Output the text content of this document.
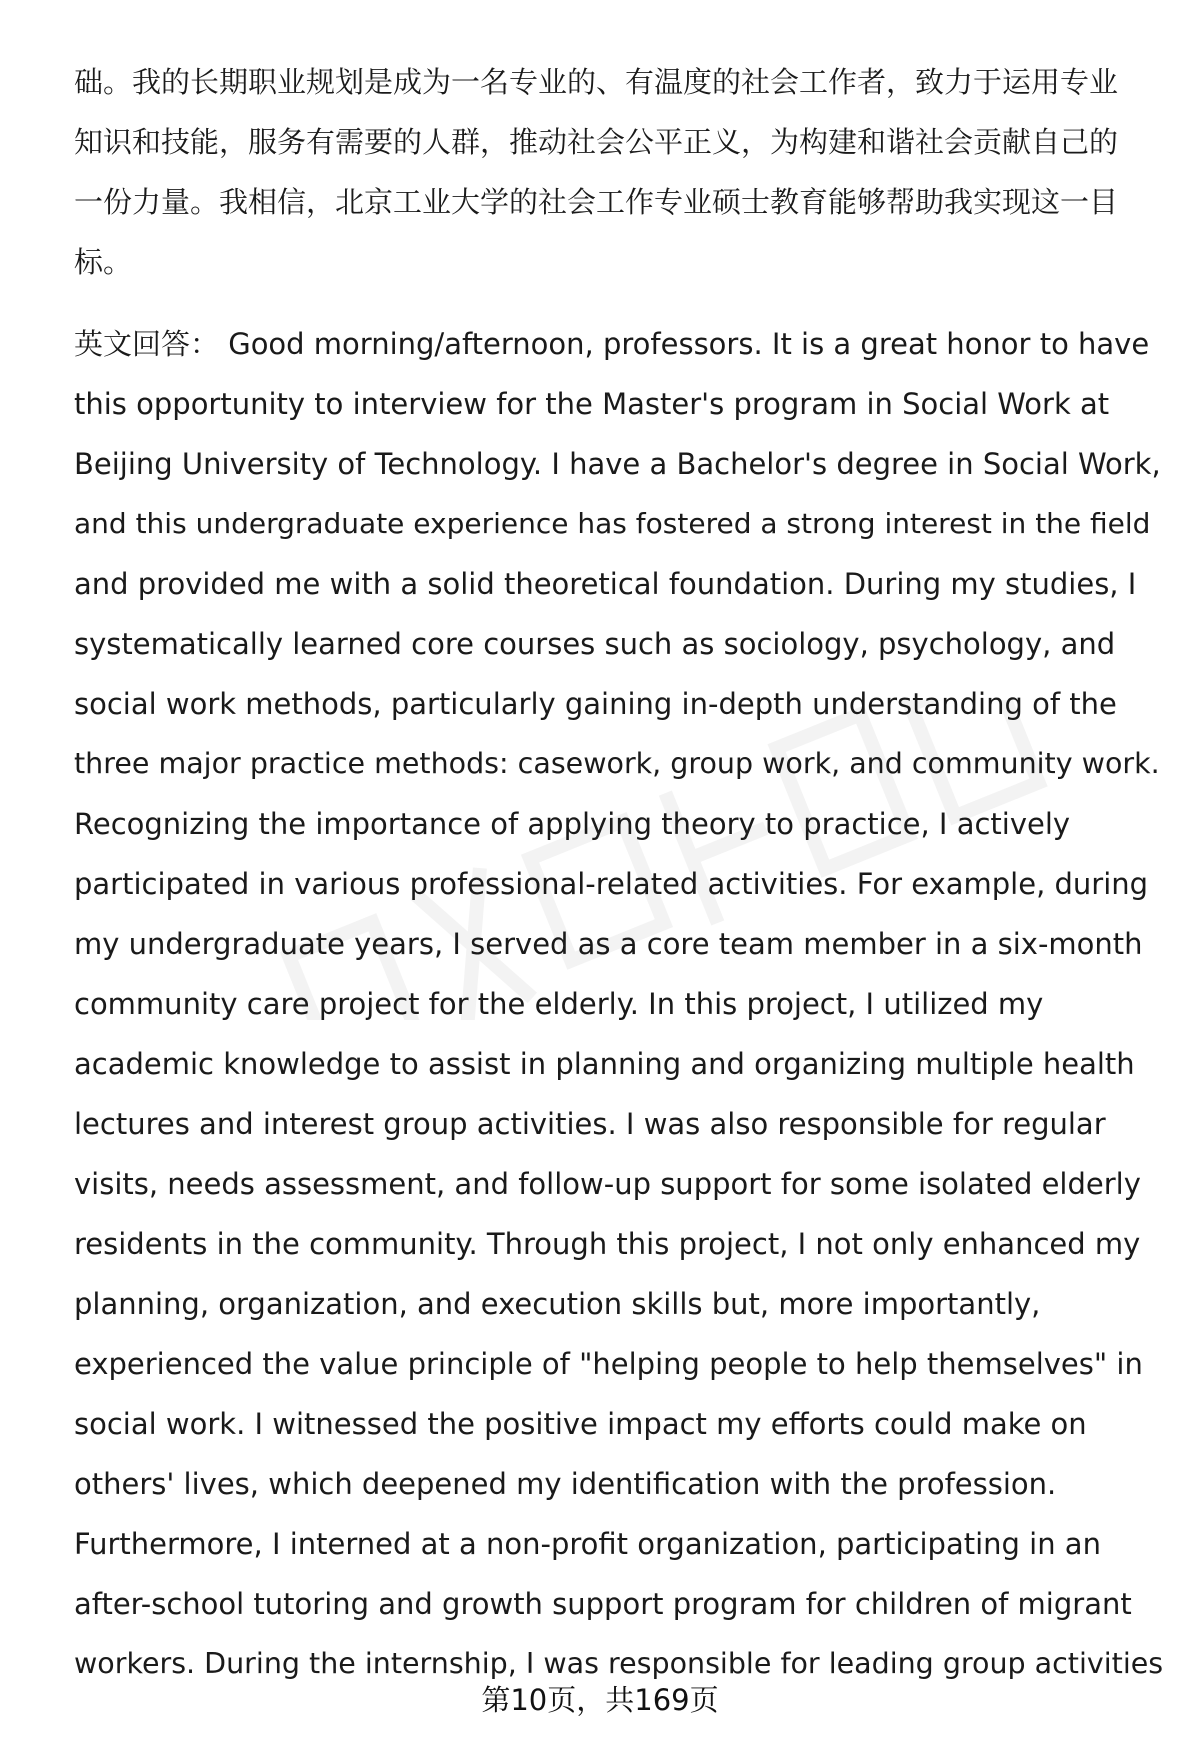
础。我的长期职业规划是成为一名专业的、有温度的社会工作者，致力于运用专业
知识和技能，服务有需要的人群，推动社会公平正义，为构建和谐社会贡献自己的
一份力量。我相信，北京工业大学的社会工作专业硕士教育能够帮助我实现这一目
标。
英文回答： Good morning/afternoon, professors. It is a great honor to have
this opportunity to interview for the Master's program in Social Work at
Beijing University of Technology. I have a Bachelor's degree in Social Work,
and this undergraduate experience has fostered a strong interest in the field
and provided me with a solid theoretical foundation. During my studies, I
systematically learned core courses such as sociology, psychology, and
social work methods, particularly gaining in-depth understanding of the
three major practice methods: casework, group work, and community work.
Recognizing the importance of applying theory to practice, I actively
participated in various professional-related activities. For example, during
my undergraduate years, I served as a core team member in a six-month
community care project for the elderly. In this project, I utilized my
academic knowledge to assist in planning and organizing multiple health
lectures and interest group activities. I was also responsible for regular
visits, needs assessment, and follow-up support for some isolated elderly
residents in the community. Through this project, I not only enhanced my
planning, organization, and execution skills but, more importantly,
experienced the value principle of "helping people to help themselves" in
social work. I witnessed the positive impact my efforts could make on
others' lives, which deepened my identification with the profession.
Furthermore, I interned at a non-profit organization, participating in an
after-school tutoring and growth support program for children of migrant
workers. During the internship, I was responsible for leading group activities
第10页，共169页
